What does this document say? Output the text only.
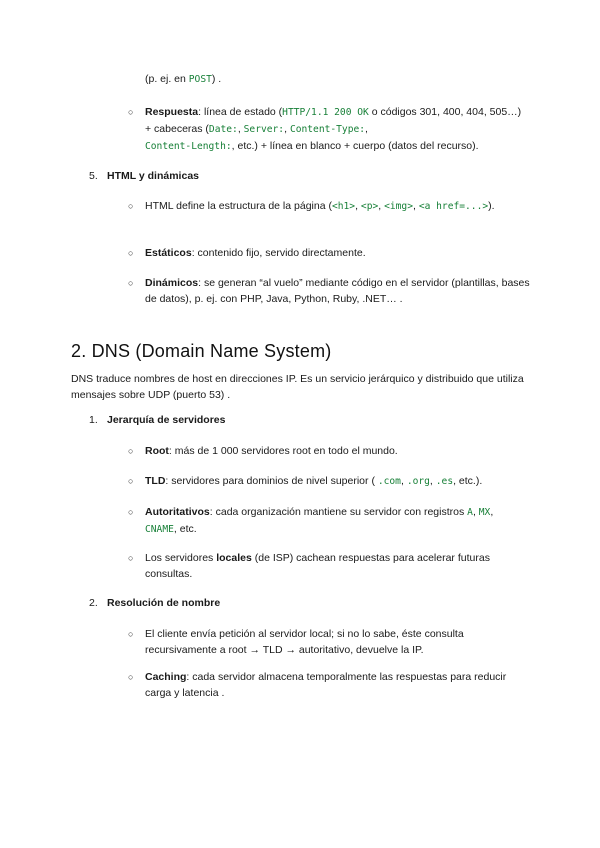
(p. ej. en POST) .
○ Respuesta: línea de estado (HTTP/1.1 200 OK o códigos 301, 400, 404, 505…) + cabeceras (Date:, Server:, Content-Type:,
Content-Length:, etc.) + línea en blanco + cuerpo (datos del recurso).
5. HTML y dinámicas
○ HTML define la estructura de la página (<h1>, <p>, <img>, <a href=...>).
○ Estáticos: contenido fijo, servido directamente.
○ Dinámicos: se generan “al vuelo” mediante código en el servidor (plantillas, bases de datos), p. ej. con PHP, Java, Python, Ruby, .NET… .
2. DNS (Domain Name System)
DNS traduce nombres de host en direcciones IP. Es un servicio jerárquico y distribuido que utiliza mensajes sobre UDP (puerto 53) .
1. Jerarquía de servidores
○ Root: más de 1 000 servidores root en todo el mundo.
○ TLD: servidores para dominios de nivel superior ( .com, .org, .es, etc.).
○ Autoritativos: cada organización mantiene su servidor con registros A, MX,
CNAME, etc.
○ Los servidores locales (de ISP) cachean respuestas para acelerar futuras consultas.
2. Resolución de nombre
○ El cliente envía petición al servidor local; si no lo sabe, éste consulta recursivamente a root → TLD → autoritativo, devuelve la IP.
○ Caching: cada servidor almacena temporalmente las respuestas para reducir carga y latencia .
